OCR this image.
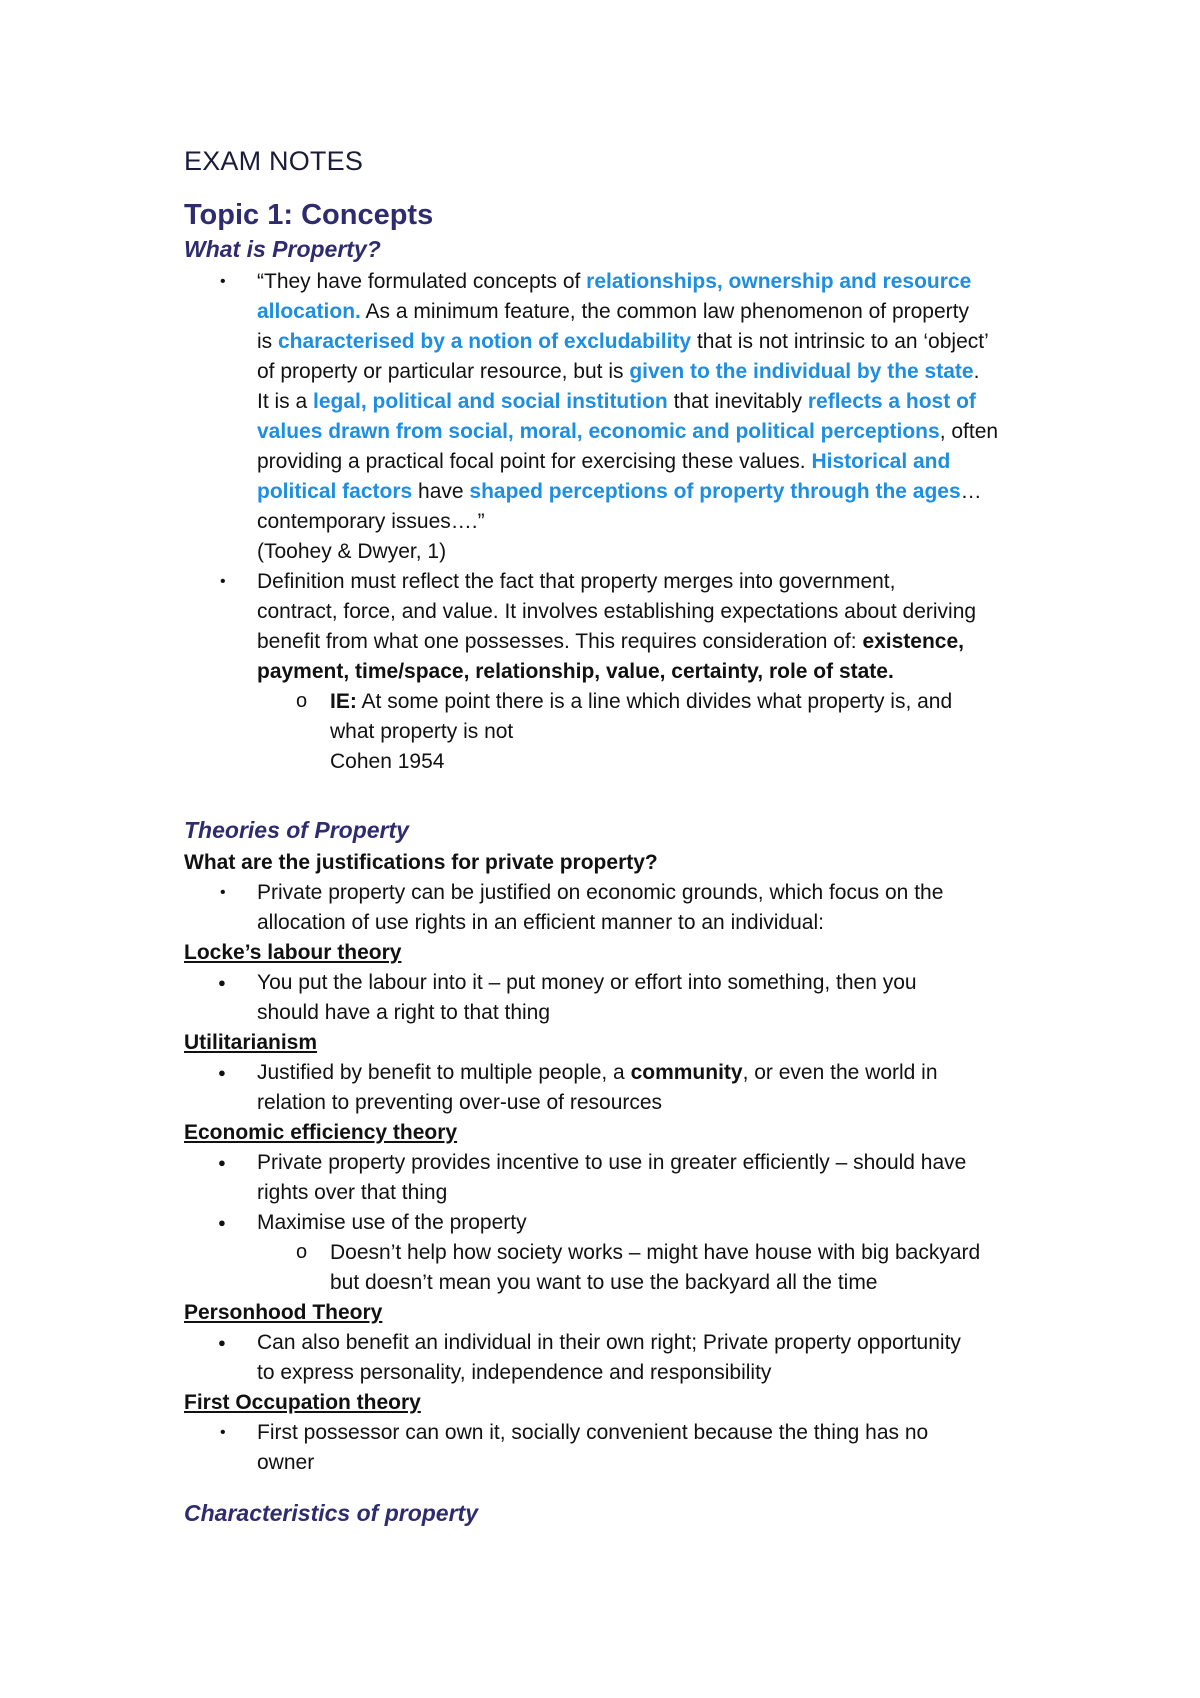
EXAM NOTES
Topic 1: Concepts
What is Property?
• “They have formulated concepts of relationships, ownership and resource
allocation. As a minimum feature, the common law phenomenon of property
is characterised by a notion of excludability that is not intrinsic to an ‘object’
of property or particular resource, but is given to the individual by the state.
It is a legal, political and social institution that inevitably reflects a host of
values drawn from social, moral, economic and political perceptions, often
providing a practical focal point for exercising these values. Historical and
political factors have shaped perceptions of property through the ages…
contemporary issues….”
(Toohey & Dwyer, 1)
• Definition must reflect the fact that property merges into government,
contract, force, and value. It involves establishing expectations about deriving
benefit from what one possesses. This requires consideration of: existence,
payment, time/space, relationship, value, certainty, role of state.
o IE: At some point there is a line which divides what property is, and
what property is not
Cohen 1954
Theories of Property
What are the justifications for private property?
• Private property can be justified on economic grounds, which focus on the
allocation of use rights in an efficient manner to an individual:
Locke’s labour theory
● You put the labour into it – put money or effort into something, then you
should have a right to that thing
Utilitarianism
● Justified by benefit to multiple people, a community, or even the world in
relation to preventing over-use of resources
Economic efficiency theory
● Private property provides incentive to use in greater efficiently – should have
rights over that thing
● Maximise use of the property
o Doesn’t help how society works – might have house with big backyard
but doesn’t mean you want to use the backyard all the time
Personhood Theory
● Can also benefit an individual in their own right; Private property opportunity
to express personality, independence and responsibility
First Occupation theory
• First possessor can own it, socially convenient because the thing has no
owner
Characteristics of property
